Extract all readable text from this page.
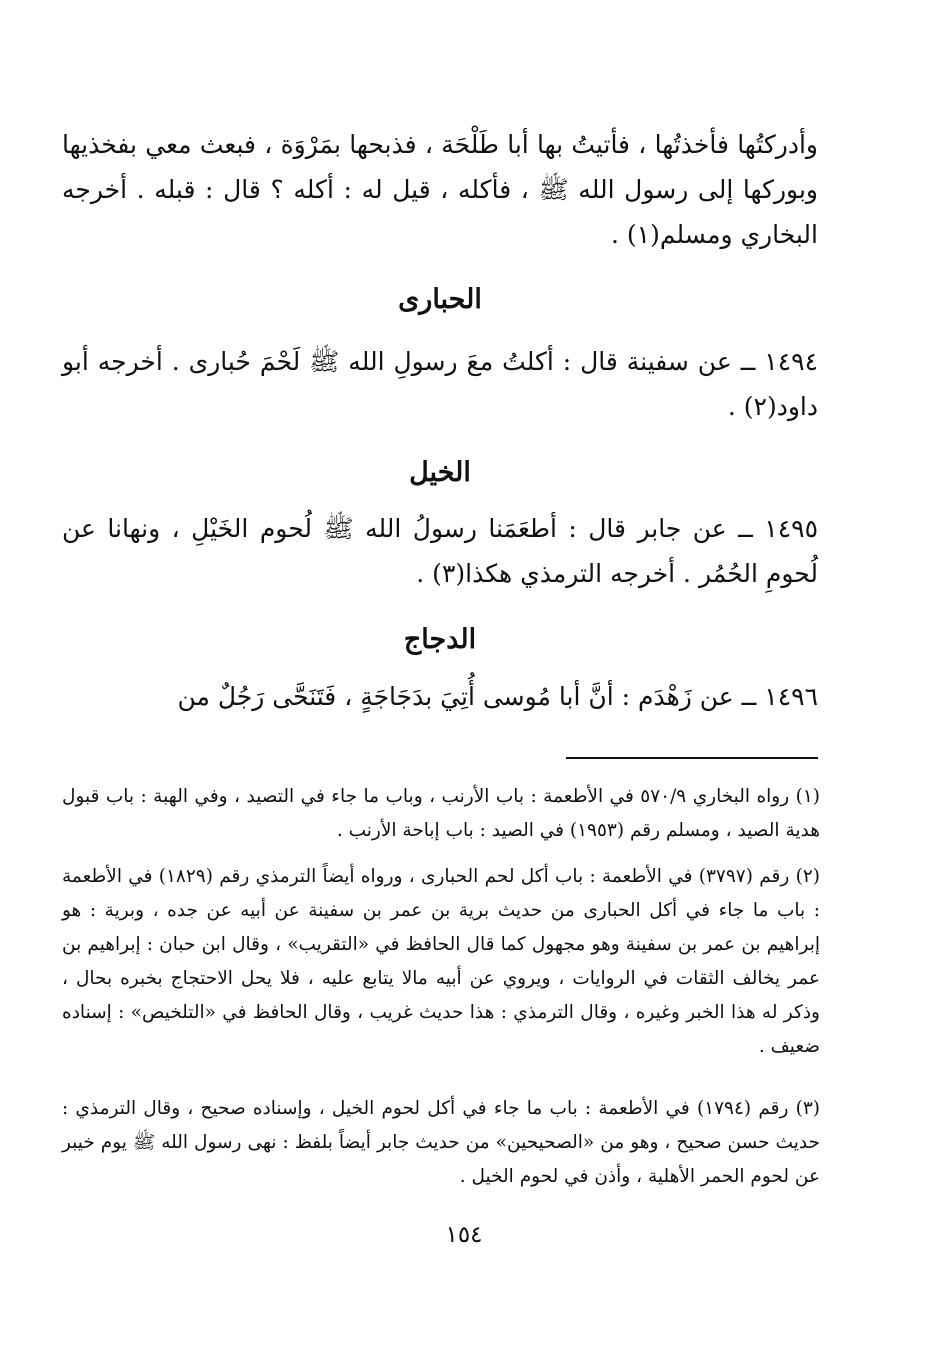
وأدركتُها فأخذتُها ، فأتيتُ بها أبا طَلْحَة ، فذبحها بمَرْوَة ، فبعث معي بفخذيها وبوركها إلى رسول الله ﷺ ، فأكله ، قيل له : أكله ؟ قال : قبله . أخرجه البخاري ومسلم(١) .

الحبارى

١٤٩٤ ــ عن سفينة قال : أكلتُ معَ رسولِ الله ﷺ لَحْمَ حُبارى . أخرجه أبو داود(٢) .

الخيل

١٤٩٥ ــ عن جابر قال : أطعَمَنا رسولُ الله ﷺ لُحوم الخَيْلِ ، ونهانا عن لُحومِ الحُمُر . أخرجه الترمذي هكذا(٣) .

الدجاج

١٤٩٦ ــ عن زَهْدَم : أنَّ أبا مُوسى أُتِيَ بدَجَاجَةٍ ، فَتَنَحَّى رَجُلٌ من

(١) رواه البخاري ٥٧٠/٩ في الأطعمة : باب الأرنب ، وباب ما جاء في التصيد ، وفي الهبة : باب قبول هدية الصيد ، ومسلم رقم (١٩٥٣) في الصيد : باب إباحة الأرنب .

(٢) رقم (٣٧٩٧) في الأطعمة : باب أكل لحم الحبارى ، ورواه أيضاً الترمذي رقم (١٨٢٩) في الأطعمة : باب ما جاء في أكل الحبارى من حديث برية بن عمر بن سفينة عن أبيه عن جده ، وبرية : هو إبراهيم بن عمر بن سفينة وهو مجهول كما قال الحافظ في «التقريب» ، وقال ابن حبان : إبراهيم بن عمر يخالف الثقات في الروايات ، ويروي عن أبيه مالا يتابع عليه ، فلا يحل الاحتجاج بخبره بحال ، وذكر له هذا الخبر وغيره ، وقال الترمذي : هذا حديث غريب ، وقال الحافظ في «التلخيص» : إسناده ضعيف .

(٣) رقم (١٧٩٤) في الأطعمة : باب ما جاء في أكل لحوم الخيل ، وإسناده صحيح ، وقال الترمذي : حديث حسن صحيح ، وهو من «الصحيحين» من حديث جابر أيضاً بلفظ : نهى رسول الله ﷺ يوم خيبر عن لحوم الحمر الأهلية ، وأذن في لحوم الخيل .

١٥٤
